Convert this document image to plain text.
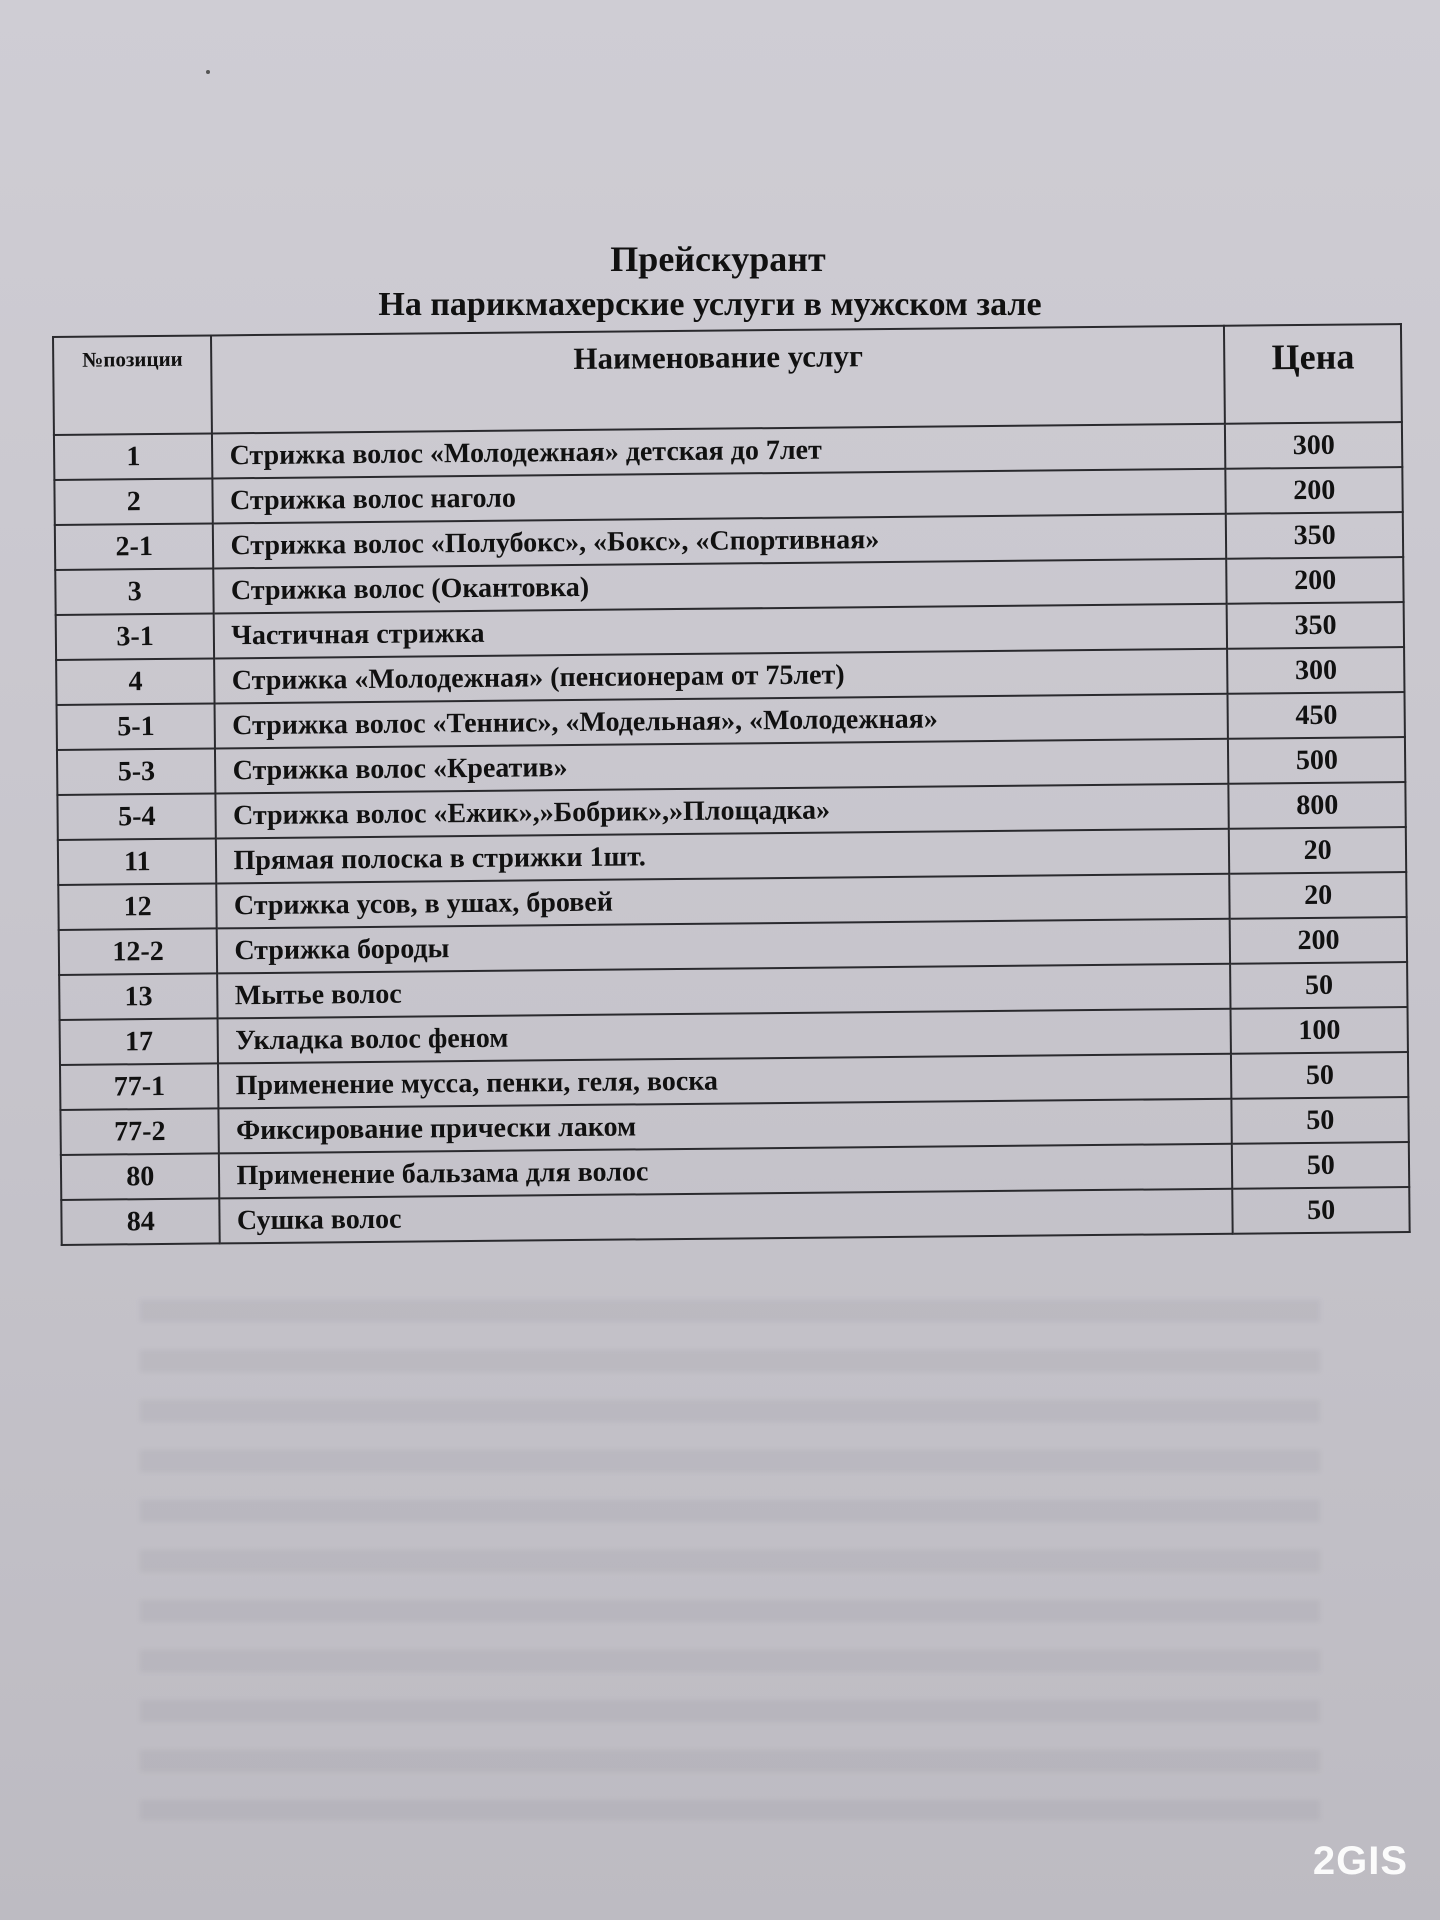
Прейскурант
На парикмахерские услуги в мужском зале
№позиции	Наименование услуг	Цена
1	Стрижка волос «Молодежная» детская до 7лет	300
2	Стрижка волос наголо	200
2-1	Стрижка волос «Полубокс», «Бокс», «Спортивная»	350
3	Стрижка волос (Окантовка)	200
3-1	Частичная стрижка	350
4	Стрижка «Молодежная» (пенсионерам от 75лет)	300
5-1	Стрижка волос «Теннис», «Модельная», «Молодежная»	450
5-3	Стрижка волос «Креатив»	500
5-4	Стрижка волос «Ежик»,»Бобрик»,»Площадка»	800
11	Прямая полоска в стрижки 1шт.	20
12	Стрижка усов, в ушах, бровей	20
12-2	Стрижка бороды	200
13	Мытье волос	50
17	Укладка волос феном	100
77-1	Применение мусса, пенки, геля, воска	50
77-2	Фиксирование прически лаком	50
80	Применение бальзама для волос	50
84	Сушка волос	50
2GIS
